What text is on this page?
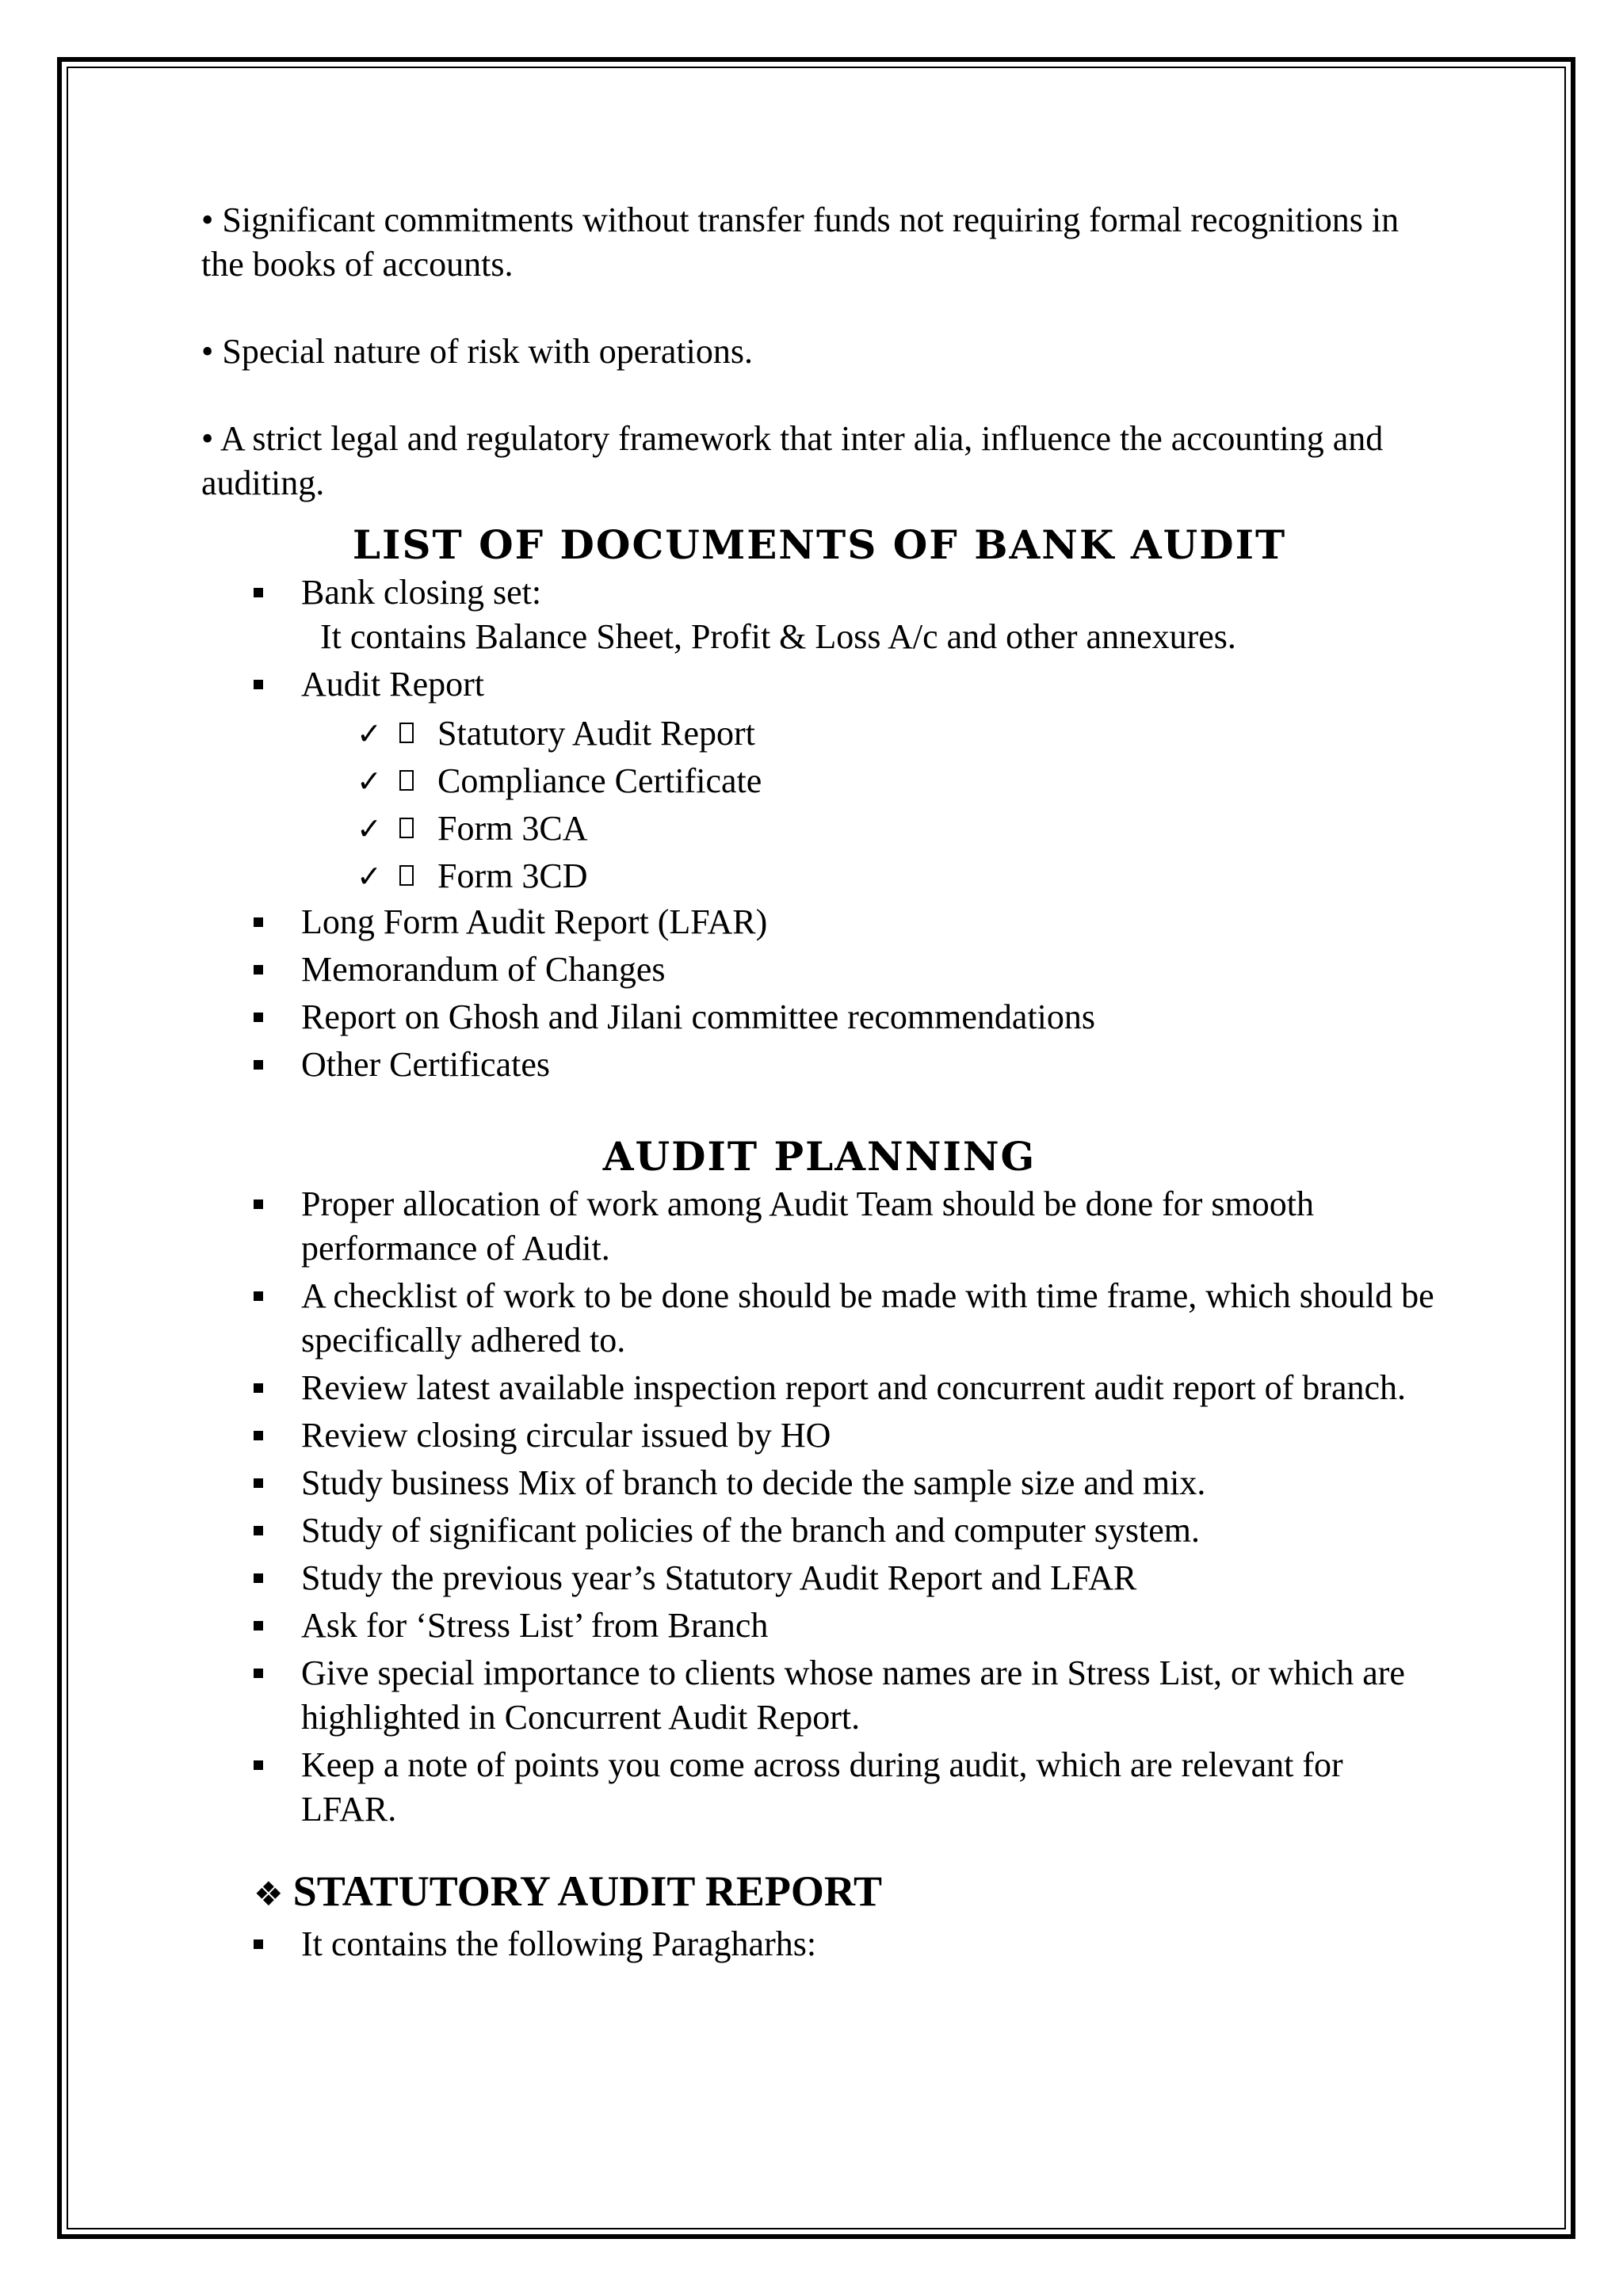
• Significant commitments without transfer funds not requiring formal recognitions in the books of accounts.

• Special nature of risk with operations.

• A strict legal and regulatory framework that inter alia, influence the accounting and auditing.

LIST OF DOCUMENTS OF BANK AUDIT
Bank closing set:
It contains Balance Sheet, Profit & Loss A/c and other annexures.
Audit Report
✓ Statutory Audit Report
✓ Compliance Certificate
✓ Form 3CA
✓ Form 3CD
Long Form Audit Report (LFAR)
Memorandum of Changes
Report on Ghosh and Jilani committee recommendations
Other Certificates
AUDIT PLANNING
Proper allocation of work among Audit Team should be done for smooth performance of Audit.
A checklist of work to be done should be made with time frame, which should be specifically adhered to.
Review latest available inspection report and concurrent audit report of branch.
Review closing circular issued by HO
Study business Mix of branch to decide the sample size and mix.
Study of significant policies of the branch and computer system.
Study the previous year’s Statutory Audit Report and LFAR
Ask for ‘Stress List’ from Branch
Give special importance to clients whose names are in Stress List, or which are highlighted in Concurrent Audit Report.
Keep a note of points you come across during audit, which are relevant for LFAR.
❖ STATUTORY AUDIT REPORT
It contains the following Paragharhs:
